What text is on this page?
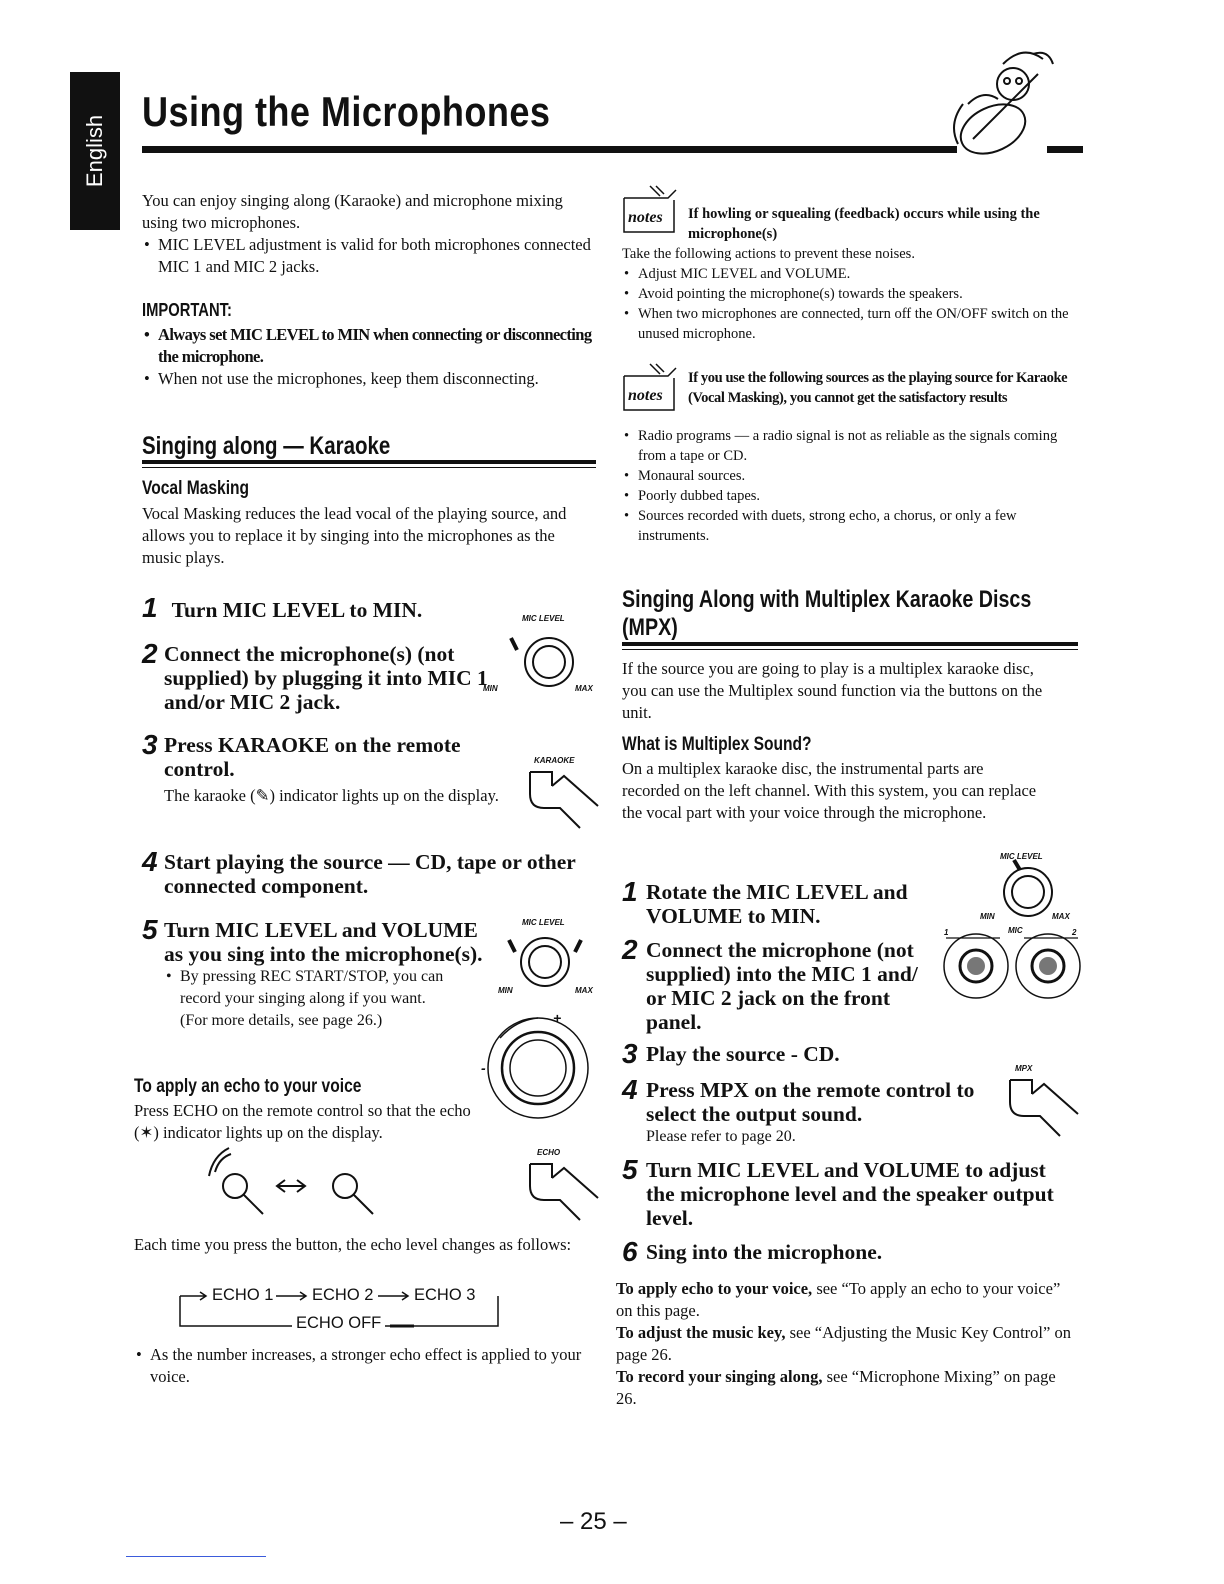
English
Using the Microphones

You can enjoy singing along (Karaoke) and microphone mixing using two microphones.

• MIC LEVEL adjustment is valid for both microphones connected MIC 1 and MIC 2 jacks.
IMPORTANT:
• Always set MIC LEVEL to MIN when connecting or disconnecting the microphone.
• When not use the microphones, keep them disconnecting.
Singing along — Karaoke
Vocal Masking
Vocal Masking reduces the lead vocal of the playing source, and allows you to replace it by singing into the microphones as the music plays.
1 Turn MIC LEVEL to MIN.
2 Connect the microphone(s) (not supplied) by plugging it into MIC 1 and/or MIC 2 jack.
MIC LEVEL
MIN	MAX
3 Press KARAOKE on the remote control.
The karaoke (✎) indicator lights up on the display.
KARAOKE
4 Start playing the source — CD, tape or other connected component.
5 Turn MIC LEVEL and VOLUME as you sing into the microphone(s).
• By pressing REC START/STOP, you can record your singing along if you want.
(For more details, see page 26.)
MIC LEVEL
MIN	MAX
+
-
To apply an echo to your voice
Press ECHO on the remote control so that the echo (✶) indicator lights up on the display.
ECHO
Each time you press the button, the echo level changes as follows:
ECHO 1 ECHO 2 ECHO 3
ECHO OFF
• As the number increases, a stronger echo effect is applied to your voice.
notes If howling or squealing (feedback) occurs while using the microphone(s)

Take the following actions to prevent these noises.

• Adjust MIC LEVEL and VOLUME.
• Avoid pointing the microphone(s) towards the speakers.
• When two microphones are connected, turn off the ON/OFF switch on the unused microphone.
notes
If you use the following sources as the playing source for Karaoke (Vocal Masking), you cannot get the satisfactory results
• Radio programs — a radio signal is not as reliable as the signals coming from a tape or CD.
• Monaural sources.
• Poorly dubbed tapes.
• Sources recorded with duets, strong echo, a chorus, or only a few instruments.
Singing Along with Multiplex Karaoke Discs (MPX)
If the source you are going to play is a multiplex karaoke disc, you can use the Multiplex sound function via the buttons on the unit.
What is Multiplex Sound?
On a multiplex karaoke disc, the instrumental parts are recorded on the left channel. With this system, you can replace the vocal part with your voice through the microphone.
1 Rotate the MIC LEVEL and VOLUME to MIN.
MIC LEVEL
MIN	MAX
1	MIC	2
2 Connect the microphone (not supplied) into the MIC 1 and/ or MIC 2 jack on the front panel.
3 Play the source - CD.
4 Press MPX on the remote control to select the output sound.
Please refer to page 20.
MPX
5 Turn MIC LEVEL and VOLUME to adjust the microphone level and the speaker output level.
6 Sing into the microphone.

To apply echo to your voice, see “To apply an echo to your voice” on this page.

To adjust the music key, see “Adjusting the Music Key Control” on page 26.

To record your singing along, see “Microphone Mixing” on page 26.

– 25 –
